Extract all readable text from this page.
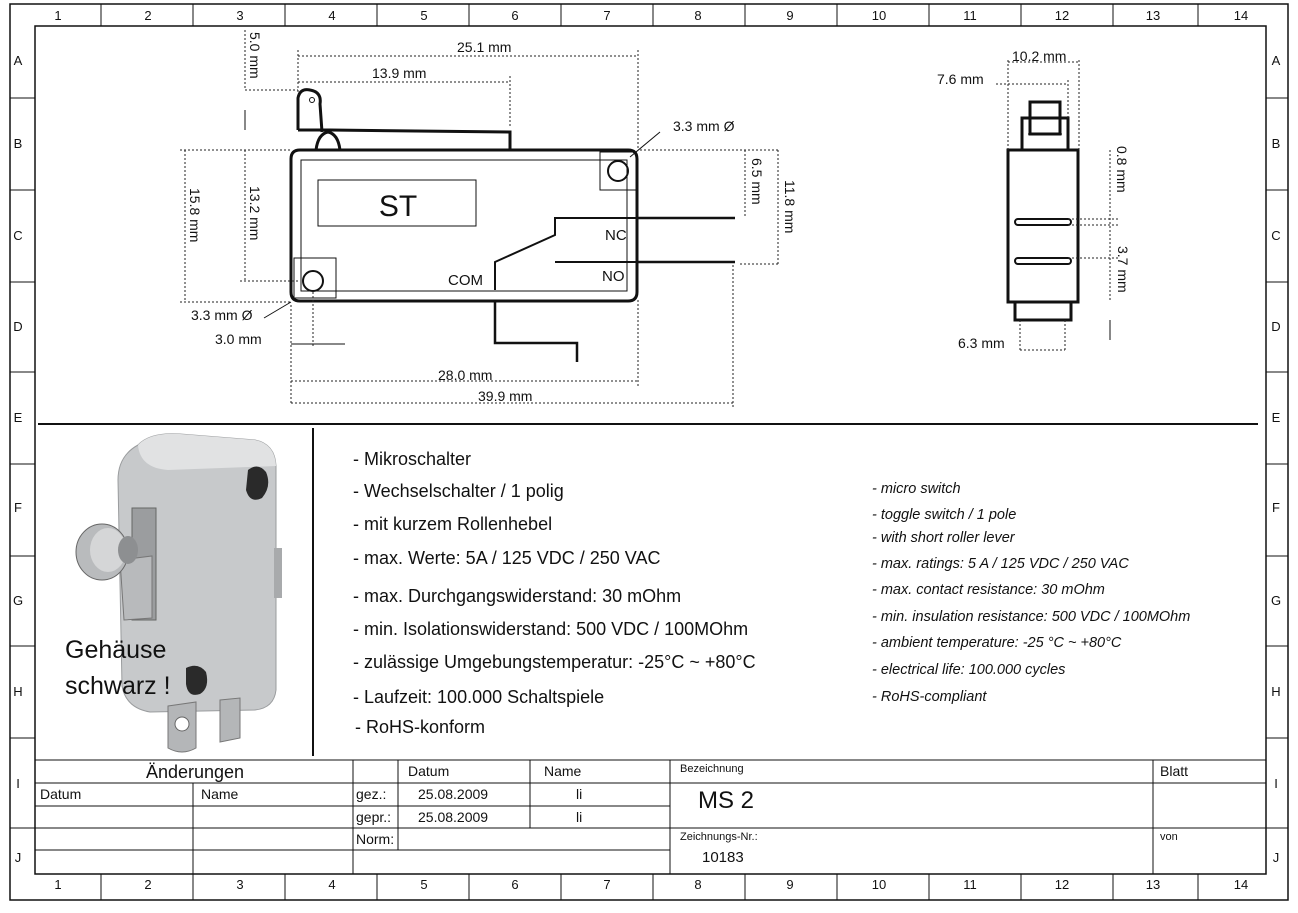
1	2	3	4	5	6	7	8	9	10	11	12	13	14
1	2	3	4	5	6	7	8	9	10	11	12	13	14
A
B
C
D
E
F
G
H
I
J
A
B
C
D
E
F
G
H
I
J
ST
NC
NO
COM
25.1 mm
13.9 mm
5.0 mm
15.8 mm	13.2 mm
3.3 mm Ø
6.5 mm 11.8 mm
3.3 mm Ø
3.0 mm
28.0 mm
39.9 mm
10.2 mm
7.6 mm
0.8 mm
3.7 mm
6.3 mm
Gehäuse
schwarz !
- Mikroschalter
- Wechselschalter / 1 polig
- mit kurzem Rollenhebel
- max. Werte: 5A / 125 VDC / 250 VAC
- max. Durchgangswiderstand: 30 mOhm
- min. Isolationswiderstand: 500 VDC / 100MOhm
- zulässige Umgebungstemperatur: -25°C ~ +80°C
- Laufzeit: 100.000 Schaltspiele
- RoHS-konform
- micro switch
- toggle switch / 1 pole
- with short roller lever
- max. ratings: 5 A / 125 VDC / 250 VAC
- max. contact resistance: 30 mOhm
- min. insulation resistance: 500 VDC / 100MOhm
- ambient temperature: -25 °C ~ +80°C
- electrical life: 100.000 cycles
- RoHS-compliant
Änderungen
Datum	Name
Datum	Name
gez.: 25.08.2009	li
gepr.: 25.08.2009	li
Norm:
Bezeichnung
MS 2
Zeichnungs-Nr.:
10183
Blatt
von
